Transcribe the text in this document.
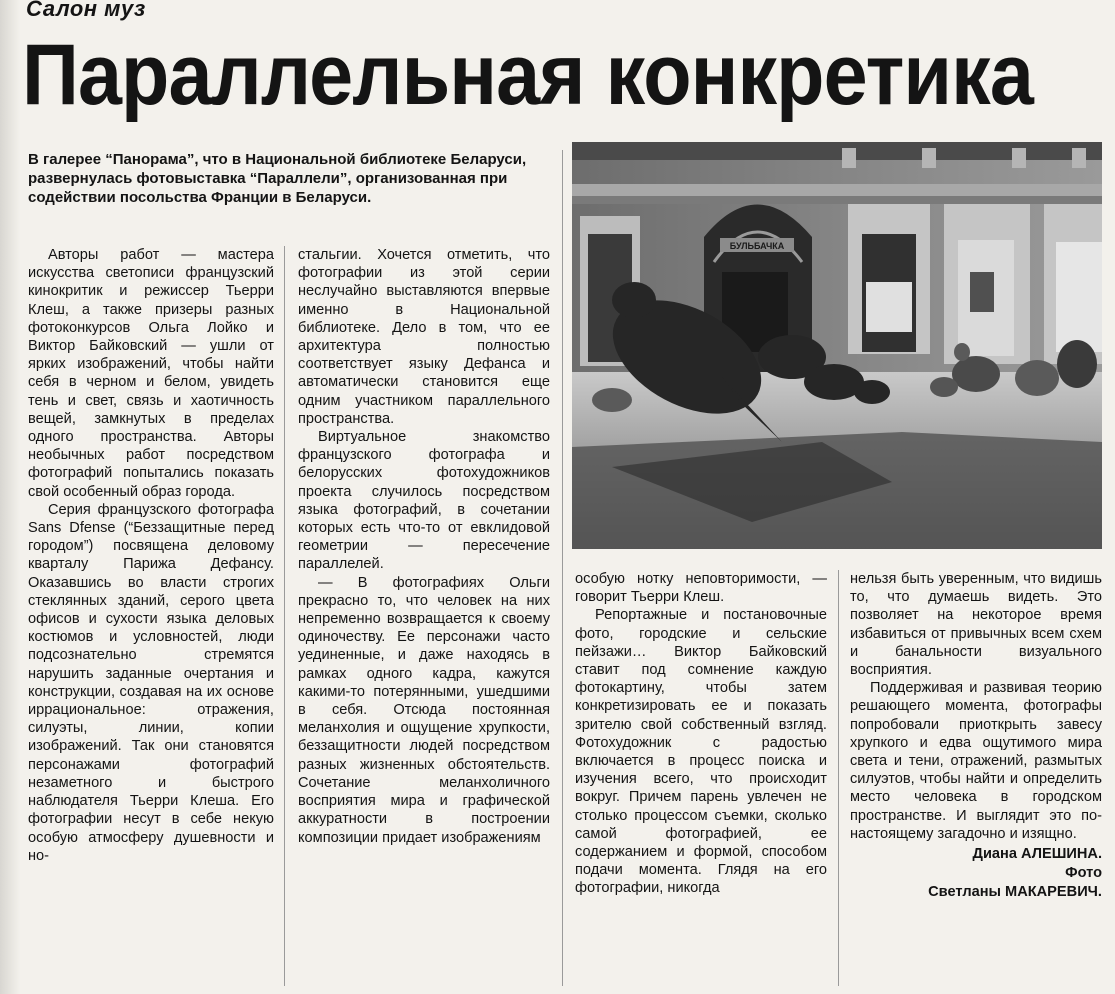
Салон муз
Параллельная конкретика

В галерее “Панорама”, что в Национальной библиотеке Беларуси, развернулась фотовыставка “Параллели”, организованная при содействии посольства Франции в Беларуси.

БУЛЬБАЧКА

Авторы работ — мастера искусства светописи французский кинокритик и режиссер Тьерри Клеш, а также призеры разных фотоконкурсов Ольга Лойко и Виктор Байковский — ушли от ярких изображений, чтобы найти себя в черном и белом, увидеть тень и свет, связь и хаотичность вещей, замкнутых в пределах одного пространства. Авторы необычных работ посредством фотографий попытались показать свой особенный образ города.

Серия французского фотографа Sans Dfense (“Беззащитные перед городом”) посвящена деловому кварталу Парижа Дефансу. Оказавшись во власти строгих стеклянных зданий, серого цвета офисов и сухости языка деловых костюмов и условностей, люди подсознательно стремятся нарушить заданные очертания и конструкции, создавая на их основе иррациональное: отражения, силуэты, линии, копии изображений. Так они становятся персонажами фотографий незаметного и быстрого наблюдателя Тьерри Клеша. Его фотографии несут в себе некую особую атмосферу душевности и но-

стальгии. Хочется отметить, что фотографии из этой серии неслучайно выставляются впервые именно в Национальной библиотеке. Дело в том, что ее архитектура полностью соответствует языку Дефанса и автоматически становится еще одним участником параллельного пространства.

Виртуальное знакомство французского фотографа и белорусских фотохудожников проекта случилось посредством языка фотографий, в сочетании которых есть что-то от евклидовой геометрии — пересечение параллелей.

— В фотографиях Ольги прекрасно то, что человек на них непременно возвращается к своему одиночеству. Ее персонажи часто уединенные, и даже находясь в рамках одного кадра, кажутся какими-то потерянными, ушедшими в себя. Отсюда постоянная меланхолия и ощущение хрупкости, беззащитности людей посредством разных жизненных обстоятельств. Сочетание меланхоличного восприятия мира и графической аккуратности в построении композиции придает изображениям

особую нотку неповторимости, — говорит Тьерри Клеш.

Репортажные и постановочные фото, городские и сельские пейзажи… Виктор Байковский ставит под сомнение каждую фотокартину, чтобы затем конкретизировать ее и показать зрителю свой собственный взгляд. Фотохудожник с радостью включается в процесс поиска и изучения всего, что происходит вокруг. Причем парень увлечен не столько процессом съемки, сколько самой фотографией, ее содержанием и формой, способом подачи момента. Глядя на его фотографии, никогда

нельзя быть уверенным, что видишь то, что думаешь видеть. Это позволяет на некоторое время избавиться от привычных всем схем и банальности визуального восприятия.

Поддерживая и развивая теорию решающего момента, фотографы попробовали приоткрыть завесу хрупкого и едва ощутимого мира света и тени, отражений, размытых силуэтов, чтобы найти и определить место человека в городском пространстве. И выглядит это по-настоящему загадочно и изящно.

Диана АЛЕШИНА.
Фото
Светланы МАКАРЕВИЧ.
